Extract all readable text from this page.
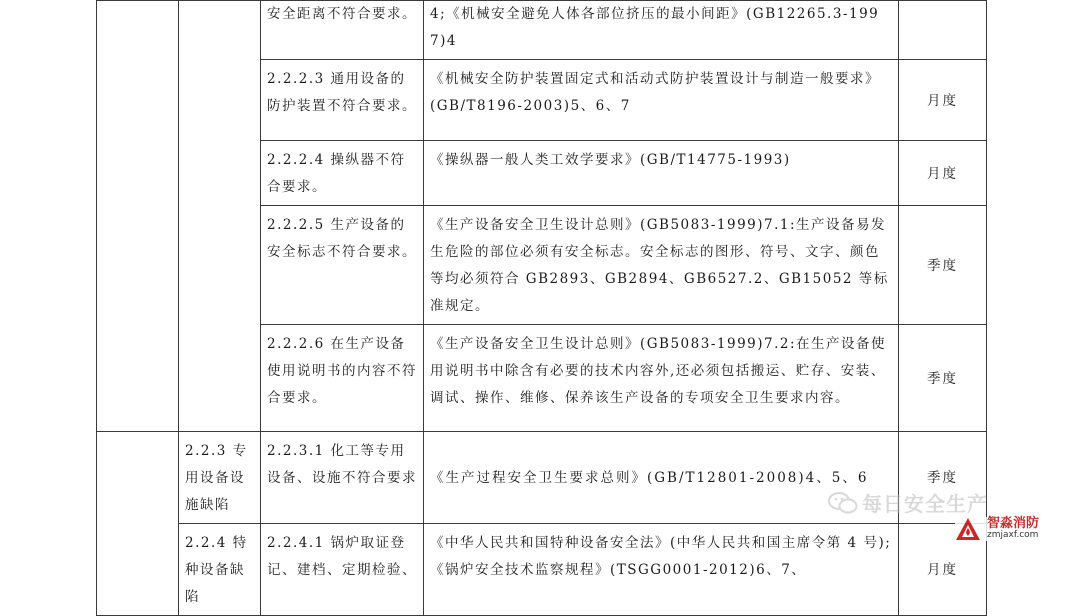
		安全距离不符合要求。	4;《机械安全避免人体各部位挤压的最小间距》(GB12265.3-1997)4	
		2.2.2.3 通用设备的防护装置不符合要求。	《机械安全防护装置固定式和活动式防护装置设计与制造一般要求》(GB/T8196-2003)5、6、7	月度
		2.2.2.4 操纵器不符合要求。	《操纵器一般人类工效学要求》(GB/T14775-1993)	月度
		2.2.2.5 生产设备的安全标志不符合要求。	《生产设备安全卫生设计总则》(GB5083-1999)7.1:生产设备易发生危险的部位必须有安全标志。安全标志的图形、符号、文字、颜色等均必须符合 GB2893、GB2894、GB6527.2、GB15052 等标准规定。	季度
		2.2.2.6 在生产设备使用说明书的内容不符合要求。	《生产设备安全卫生设计总则》(GB5083-1999)7.2:在生产设备使用说明书中除含有必要的技术内容外,还必须包括搬运、贮存、安装、调试、操作、维修、保养该生产设备的专项安全卫生要求内容。	季度
	2.2.3 专用设备设施缺陷	2.2.3.1 化工等专用设备、设施不符合要求	《生产过程安全卫生要求总则》(GB/T12801-2008)4、5、6	季度
	2.2.4 特种设备缺陷	2.2.4.1 锅炉取证登记、建档、定期检验、	《中华人民共和国特种设备安全法》(中华人民共和国主席令第 4 号);《锅炉安全技术监察规程》(TSGG0001-2012)6、7、	月度
每日安全生产
智淼消防
zmjaxf.com
